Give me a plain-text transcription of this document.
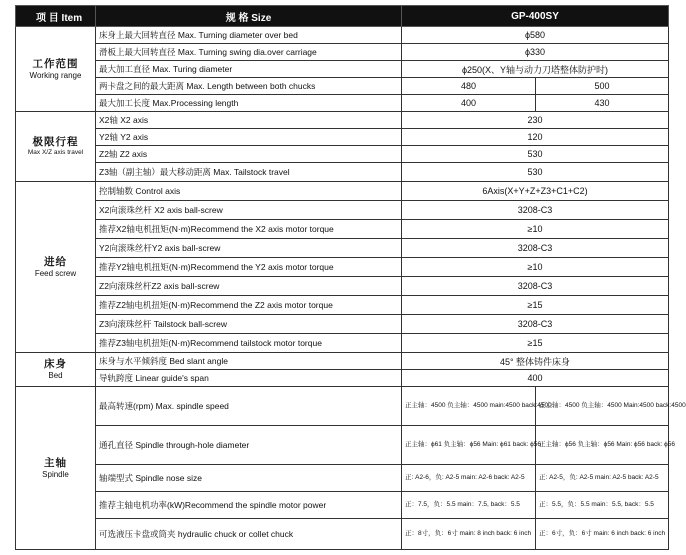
项 目 Item	规 格 Size	GP-400SY	

工作范围
Working range	床身上最大回转直径 Max. Turning diameter over bed	ϕ580	
	滑板上最大回转直径 Max. Turning swing dia.over carriage	ϕ330	
	最大加工直径 Max. Turing diameter	ϕ250(X、Y轴与动力刀塔整体防护时)	
	两卡盘之间的最大距离 Max. Length between both chucks	480	500
	最大加工长度 Max.Processing length	400	430

极限行程
Max X/Z axis travel	X2轴 X2 axis	230	
	Y2轴 Y2 axis	120	
	Z2轴 Z2 axis	530	
	Z3轴（副主轴）最大移动距离 Max. Tailstock travel	530	

进给
Feed screw	控制轴数 Control axis	6Axis(X+Y+Z+Z3+C1+C2)	
	X2向滚珠丝杆 X2 axis ball-screw	3208-C3	
	推荐X2轴电机扭矩(N·m)Recommend the X2 axis motor torque	≥10	
	Y2向滚珠丝杆Y2 axis ball-screw	3208-C3	
	推荐Y2轴电机扭矩(N·m)Recommend the Y2 axis motor torque	≥10	
	Z2向滚珠丝杆Z2 axis ball-screw	3208-C3	
	推荐Z2轴电机扭矩(N·m)Recommend the Z2 axis motor torque	≥15	
	Z3向滚珠丝杆 Tailstock ball-screw	3208-C3	
	推荐Z3轴电机扭矩(N·m)Recommend tailstock motor torque	≥15	

床身
Bed	床身与水平倾斜度 Bed slant angle	45° 整体铸件床身	
	导轨跨度 Linear guide's span	400	

主轴
Spindle	最高转速(rpm) Max. spindle speed	正主轴：4500 负主轴：4500 main:4500 back:4500	正主轴：4500 负主轴：4500 Main:4500 back:4500
	通孔直径 Spindle through-hole diameter	正主轴：ϕ61 负主轴：ϕ56 Main: ϕ61 back: ϕ56	正主轴：ϕ56 负主轴：ϕ56 Main: ϕ56 back: ϕ56
	轴端型式 Spindle nose size	正: A2-6，负: A2-5 main: A2-6 back: A2-5	正: A2-5，负: A2-5 main: A2-5 back: A2-5
	推荐主轴电机功率(kW)Recommend the spindle motor power	正：7.5，负：5.5 main：7.5, back：5.5	正：5.5，负：5.5 main：5.5, back：5.5
	可选液压卡盘或筒夹 hydraulic chuck or collet chuck	正：8寸，负：6寸 main: 8 inch back: 6 inch	正：6寸，负：6寸 main: 6 inch back: 6 inch
